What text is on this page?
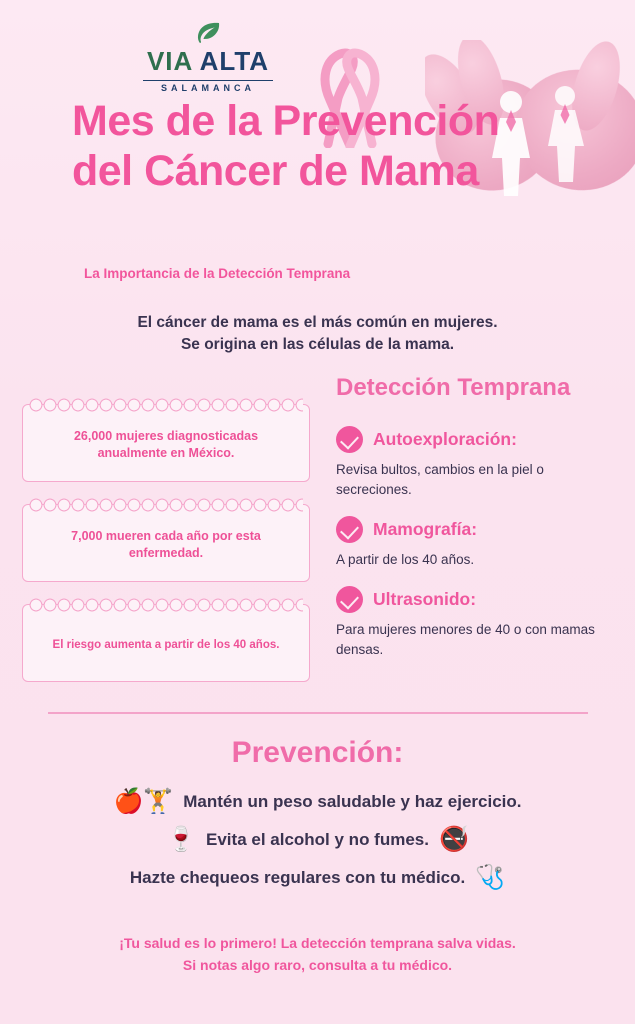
VIA ALTA
SALAMANCA
Mes de la Prevención del Cáncer de Mama
La Importancia de la Detección Temprana
El cáncer de mama es el más común en mujeres.
Se origina en las células de la mama.

26,000 mujeres diagnosticadas anualmente en México.

7,000 mueren cada año por esta enfermedad.

El riesgo aumenta a partir de los 40 años.

Detección Temprana
Autoexploración:

Revisa bultos, cambios en la piel o secreciones.

Mamografía:

A partir de los 40 años.

Ultrasonido:

Para mujeres menores de 40 o con mamas densas.

Prevención:
🍎🏋 Mantén un peso saludable y haz ejercicio.
🍷 Evita el alcohol y no fumes. 🚭
Hazte chequeos regulares con tu médico. 🩺
¡Tu salud es lo primero! La detección temprana salva vidas.
Si notas algo raro, consulta a tu médico.
